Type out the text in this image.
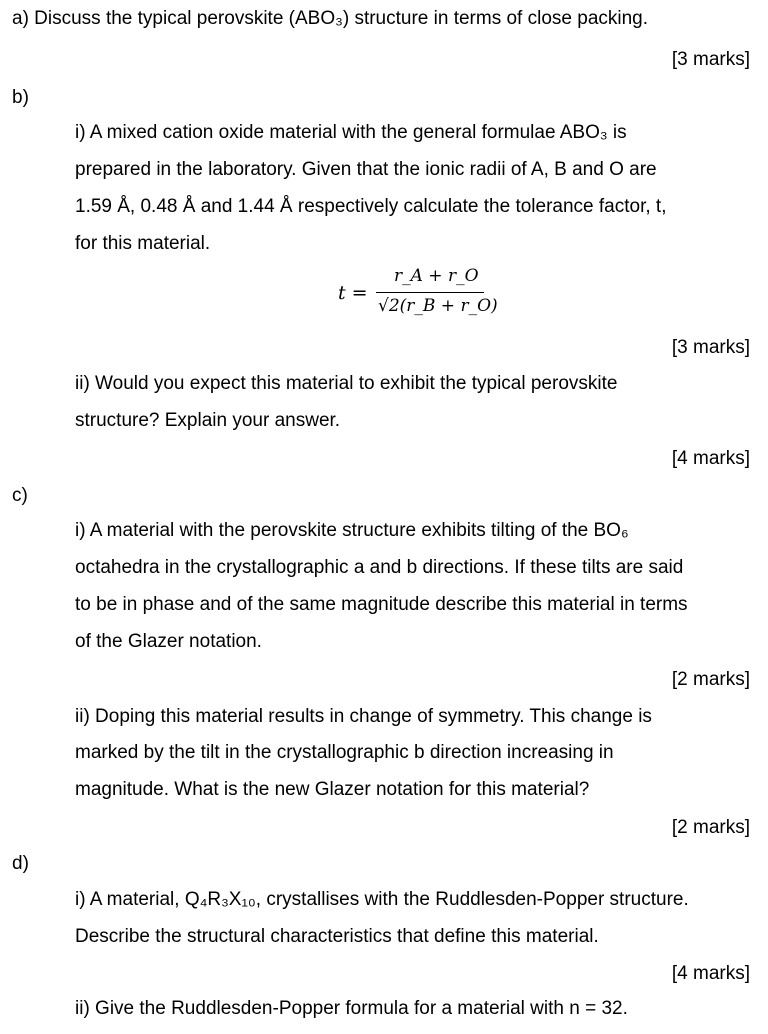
a) Discuss the typical perovskite (ABO₃) structure in terms of close packing.
[3 marks]
b)
i) A mixed cation oxide material with the general formulae ABO₃ is
prepared in the laboratory. Given that the ionic radii of A, B and O are
1.59 Å, 0.48 Å and 1.44 Å respectively calculate the tolerance factor, t,
for this material.
t =
r_A + r_O
√2(r_B + r_O)
[3 marks]
ii) Would you expect this material to exhibit the typical perovskite
structure? Explain your answer.
[4 marks]
c)
i) A material with the perovskite structure exhibits tilting of the BO₆
octahedra in the crystallographic a and b directions. If these tilts are said
to be in phase and of the same magnitude describe this material in terms
of the Glazer notation.
[2 marks]
ii) Doping this material results in change of symmetry. This change is
marked by the tilt in the crystallographic b direction increasing in
magnitude. What is the new Glazer notation for this material?
[2 marks]
d)
i) A material, Q₄R₃X₁₀, crystallises with the Ruddlesden-Popper structure.
Describe the structural characteristics that define this material.
[4 marks]
ii) Give the Ruddlesden-Popper formula for a material with n = 32.
